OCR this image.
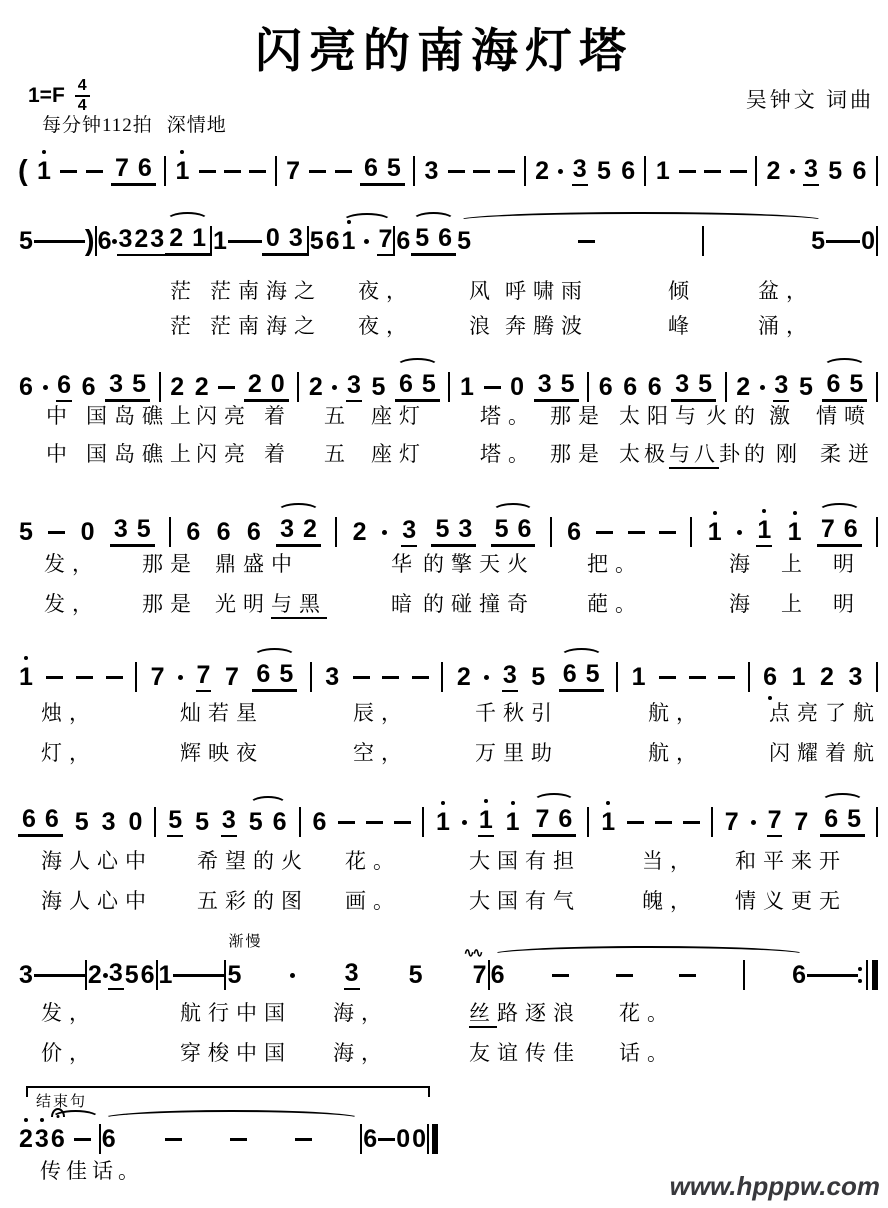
闪亮的南海灯塔
$1=F \frac{4}{4}$
每分钟112拍 深情地
吴钟文 词曲
( 1	7 6 1	7	6 5 3	2 3 5 6 1	2 3 5 6
5 ) 6 3 2 3 2 1 1 0 3 5 6 1 7 6 5 6 5	5 0
茫 茫南海之 夜，	风 呼啸雨	倾	盆，
茫 茫南海之 夜，	浪 奔腾波	峰	涌，
6 6 6 3 5 2 2 2 0 2 3 5 6 5 1 0 3 5 6 6 6 3 5 2 3 5 6 5
中 国岛礁上
闪亮 着 五 座灯	塔。 那是 太阳与 火的 激 情喷
中 国岛礁上
闪亮 着 五 座灯	塔。 那是 太极与八卦的 刚 柔迸
5 0 3 5 6 6 6 3 2 2 3 5 3 5 6 6	1 1 1 7 6
发， 那是 鼎盛中	华 的擎天火 把。	海 上 明
发， 那是 光明与黑	暗 的碰撞奇 葩。	海 上 明
1	7 7 7 6 5 3	2 3 5 6 5 1	6 1 2 3
烛，	灿若星	辰，	千秋引	航，	点亮了航
灯，	辉映夜	空，	万里助	航，	闪耀着航
6 6 5 3 0 5 5 3 5 6 6	1 1 1 7 6 1	7 7 7 6 5
海人心中 希望的火 花。	大国有担	当， 和平来开
海人心中 五彩的图 画。	大国有气	魄， 情义更无
3 2 3 5 6 1
渐慢
5	3 5 7 6
∿∿
6
发，	航行中国 海，	丝路逐浪 花。
价，	穿梭中国 海，	友谊传佳 话。
结束句
2 3 6 6	6 0 0
传佳话。	www.hpppw.com
